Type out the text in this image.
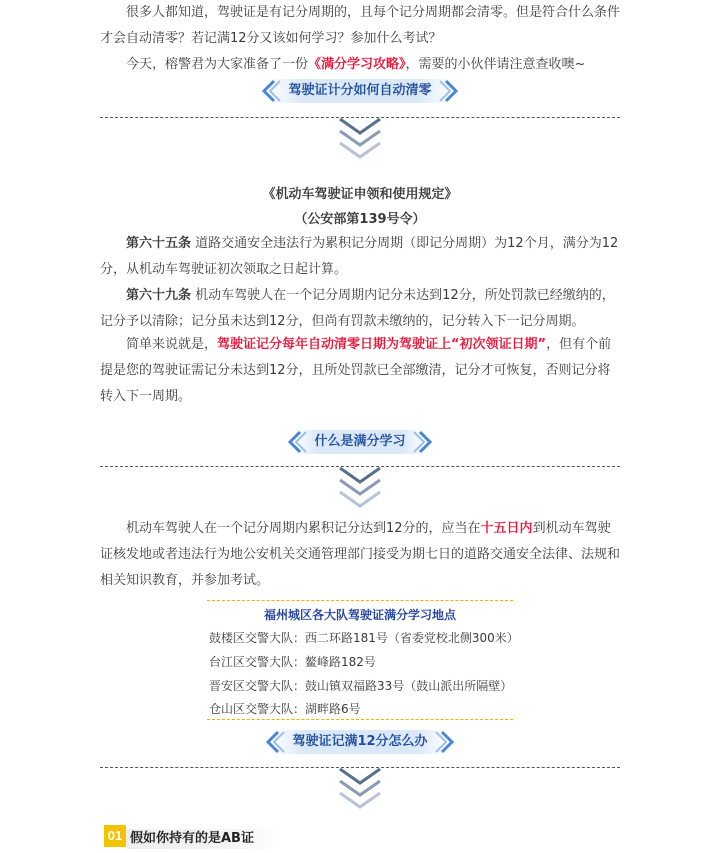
很多人都知道，驾驶证是有记分周期的，且每个记分周期都会清零。但是符合什么条件才会自动清零？若记满12分又该如何学习？参加什么考试？

今天，榕警君为大家准备了一份《满分学习攻略》，需要的小伙伴请注意查收噢~

驾驶证计分如何自动清零
《机动车驾驶证申领和使用规定》
（公安部第139号令）

第六十五条 道路交通安全违法行为累积记分周期（即记分周期）为12个月，满分为12分，从机动车驾驶证初次领取之日起计算。

第六十九条 机动车驾驶人在一个记分周期内记分未达到12分，所处罚款已经缴纳的，记分予以清除；记分虽未达到12分，但尚有罚款未缴纳的，记分转入下一记分周期。

简单来说就是，驾驶证记分每年自动清零日期为驾驶证上“初次领证日期”，但有个前提是您的驾驶证需记分未达到12分，且所处罚款已全部缴清，记分才可恢复，否则记分将转入下一周期。

什么是满分学习

机动车驾驶人在一个记分周期内累积记分达到12分的，应当在十五日内到机动车驾驶证核发地或者违法行为地公安机关交通管理部门接受为期七日的道路交通安全法律、法规和相关知识教育，并参加考试。

福州城区各大队驾驶证满分学习地点
鼓楼区交警大队：西二环路181号（省委党校北侧300米）
台江区交警大队：鳌峰路182号
晋安区交警大队：鼓山镇双福路33号（鼓山派出所隔壁）
仓山区交警大队：湖畔路6号
驾驶证记满12分怎么办
01 假如你持有的是AB证
